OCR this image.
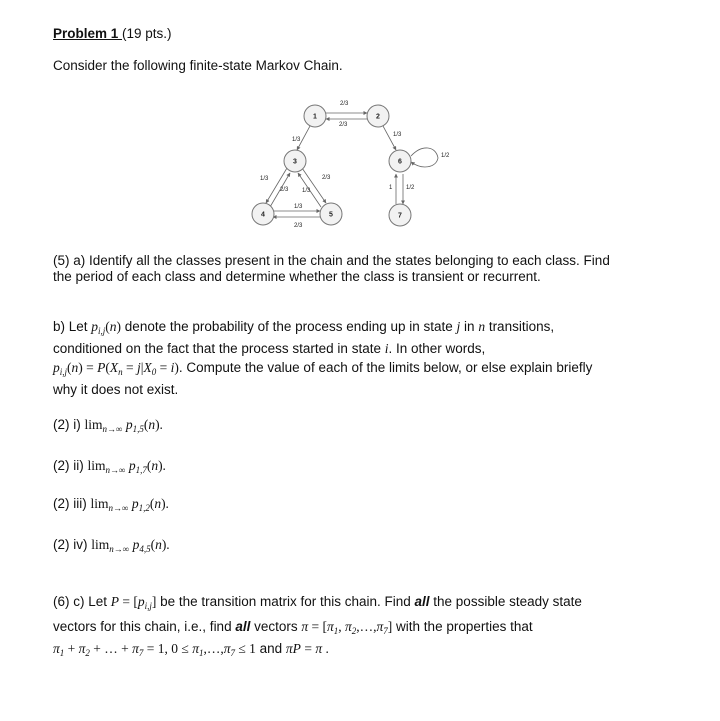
Problem 1 (19 pts.)

Consider the following finite-state Markov Chain.

2/3
2/3
1/3
1/3
1/2
1/2
1
1/3
2/3
2/3
1/3
1/3
2/3
1	2
3
4	5
6
7

(5) a) Identify all the classes present in the chain and the states belonging to each class. Find

the period of each class and determine whether the class is transient or recurrent.

b) Let $p_{i,j}(n)$ denote the probability of the process ending up in state j in n transitions,

conditioned on the fact that the process started in state i. In other words,

$p_{i,j}(n) = P(X_n = j|X_0 = i)$. Compute the value of each of the limits below, or else explain briefly

why it does not exist.

(2) i) $\lim_{n\to\infty} p_{1,5}(n)$.

(2) ii) $\lim_{n\to\infty} p_{1,7}(n)$.

(2) iii) $\lim_{n\to\infty} p_{1,2}(n)$.

(2) iv) $\lim_{n\to\infty} p_{4,5}(n)$.

(6) c) Let $P = [p_{i,j}]$ be the transition matrix for this chain. Find all the possible steady state

vectors for this chain, i.e., find all vectors $\pi = [\pi_1$, $\pi_2,\dots,\pi_7$] with the properties that

$\pi_1 + \pi_2$ + … + $\pi_7 = 1$, $0 \le \pi_1,\dots,\pi_7 \le 1$ and πP = π .
